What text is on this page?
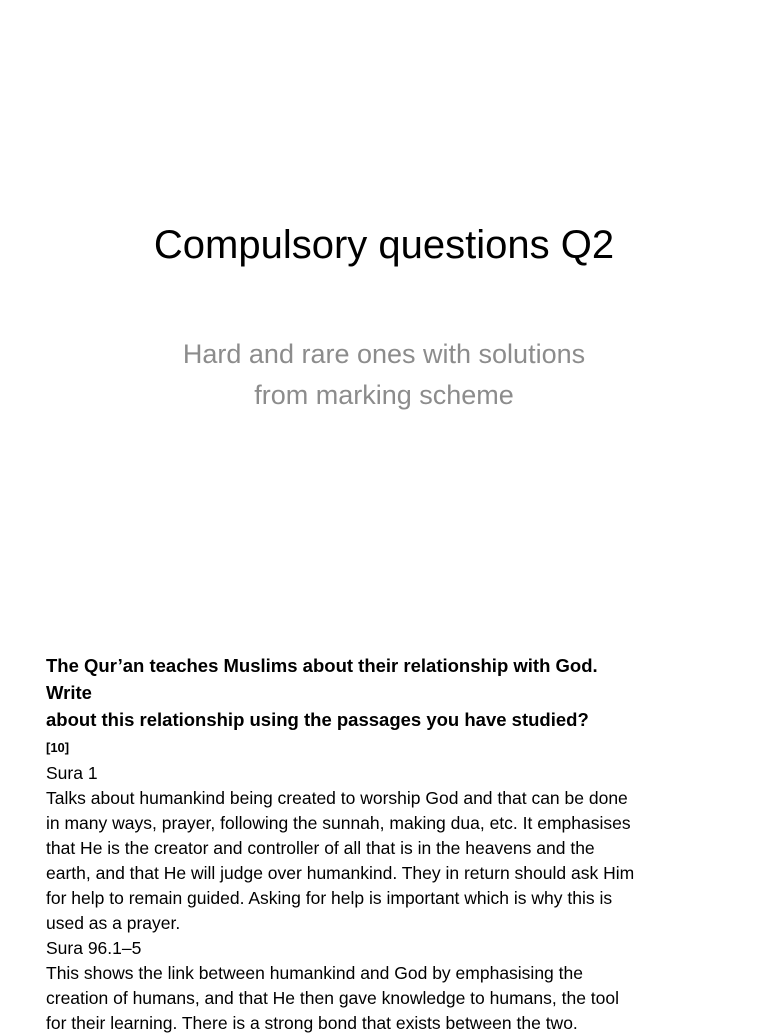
Compulsory questions Q2
Hard and rare ones with solutions
from marking scheme
The Qur’an teaches Muslims about their relationship with God.
Write
about this relationship using the passages you have studied?
[10]
Sura 1
Talks about humankind being created to worship God and that can be done
in many ways, prayer, following the sunnah, making dua, etc. It emphasises
that He is the creator and controller of all that is in the heavens and the
earth, and that He will judge over humankind. They in return should ask Him
for help to remain guided. Asking for help is important which is why this is
used as a prayer.
Sura 96.1–5
This shows the link between humankind and God by emphasising the
creation of humans, and that He then gave knowledge to humans, the tool
for their learning. There is a strong bond that exists between the two.
